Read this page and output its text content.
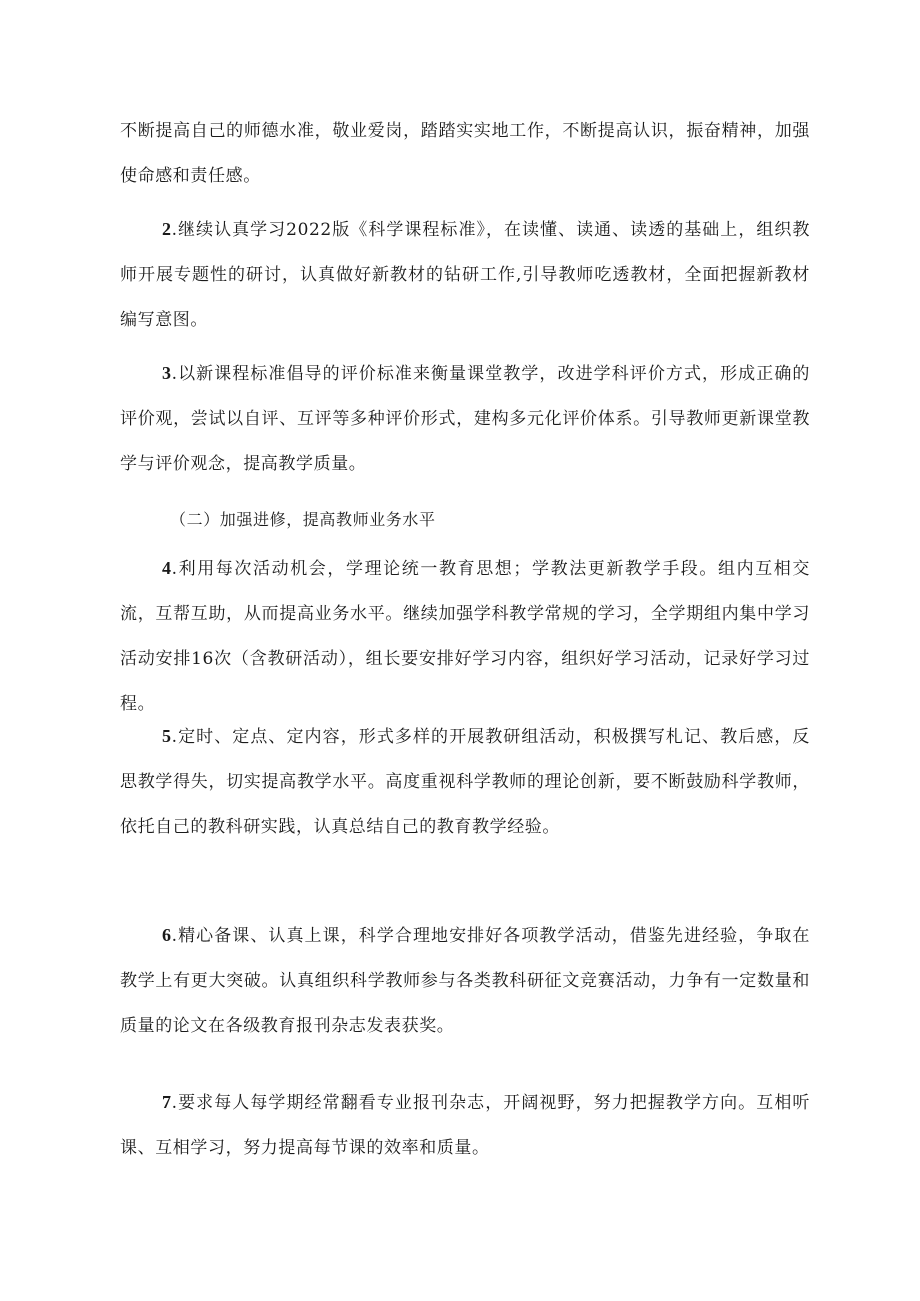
不断提高自己的师德水准，敬业爱岗，踏踏实实地工作，不断提高认识，振奋精神，加强使命感和责任感。

2.继续认真学习2022版《科学课程标准》，在读懂、读通、读透的基础上，组织教师开展专题性的研讨，认真做好新教材的钻研工作,引导教师吃透教材，全面把握新教材编写意图。

3.以新课程标准倡导的评价标准来衡量课堂教学，改进学科评价方式，形成正确的评价观，尝试以自评、互评等多种评价形式，建构多元化评价体系。引导教师更新课堂教学与评价观念，提高教学质量。

（二）加强进修，提高教师业务水平

4.利用每次活动机会，学理论统一教育思想；学教法更新教学手段。组内互相交流，互帮互助，从而提高业务水平。继续加强学科教学常规的学习，全学期组内集中学习活动安排16次（含教研活动），组长要安排好学习内容，组织好学习活动，记录好学习过程。

5.定时、定点、定内容，形式多样的开展教研组活动，积极撰写札记、教后感，反思教学得失，切实提高教学水平。高度重视科学教师的理论创新，要不断鼓励科学教师，依托自己的教科研实践，认真总结自己的教育教学经验。

6.精心备课、认真上课，科学合理地安排好各项教学活动，借鉴先进经验，争取在教学上有更大突破。认真组织科学教师参与各类教科研征文竞赛活动，力争有一定数量和质量的论文在各级教育报刊杂志发表获奖。

7.要求每人每学期经常翻看专业报刊杂志，开阔视野，努力把握教学方向。互相听课、互相学习，努力提高每节课的效率和质量。
